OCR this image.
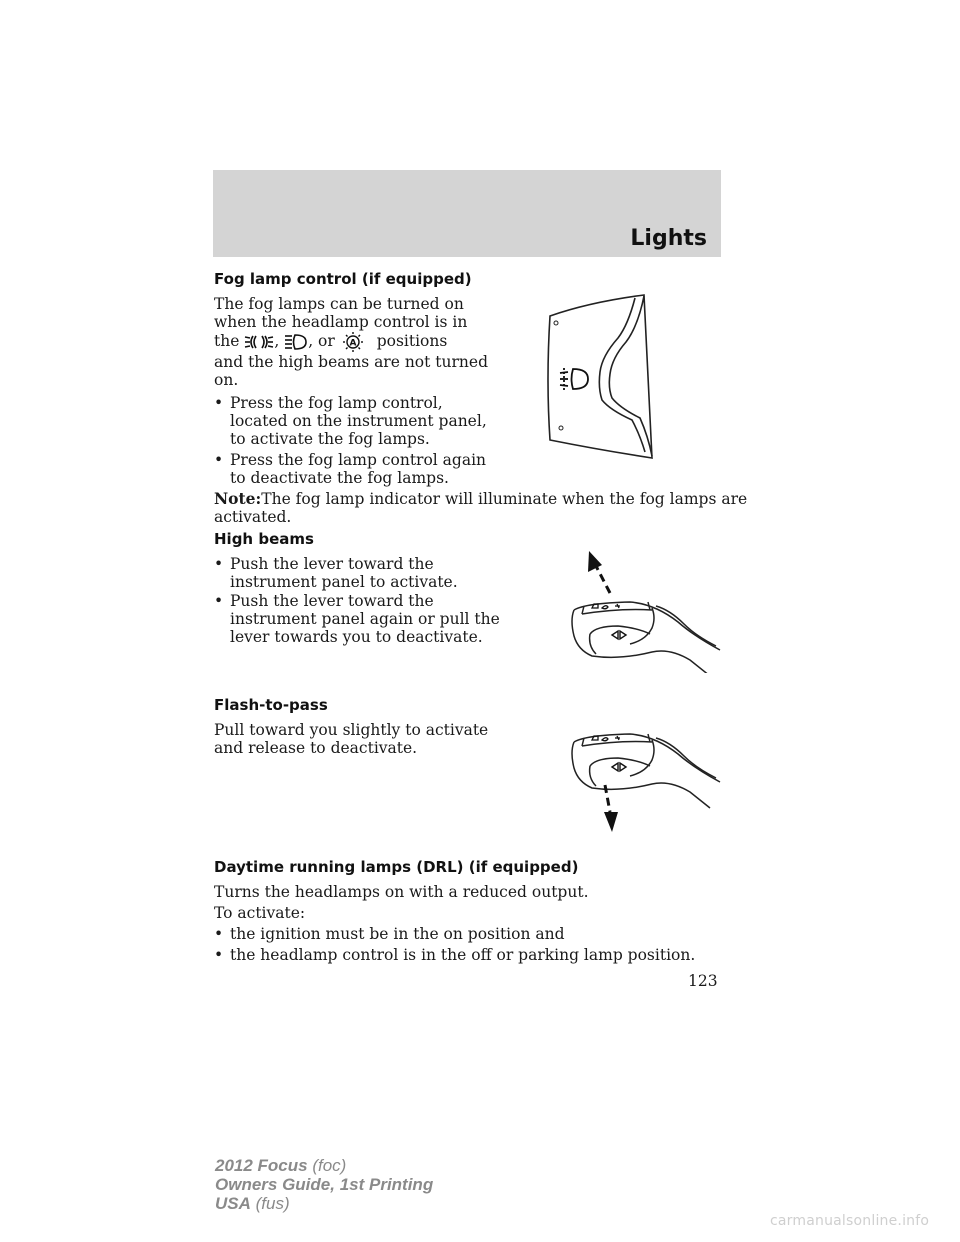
Lights
Fog lamp control (if equipped)
The fog lamps can be turned on
when the headlamp control is in
the , , or A positions
and the high beams are not turned
on.
• Press the fog lamp control,
located on the instrument panel,
to activate the fog lamps.
• Press the fog lamp control again
to deactivate the fog lamps.
Note:The fog lamp indicator will illuminate when the fog lamps are
activated.
High beams
• Push the lever toward the
instrument panel to activate.
• Push the lever toward the
instrument panel again or pull the
lever towards you to deactivate.
Flash-to-pass
Pull toward you slightly to activate
and release to deactivate.
Daytime running lamps (DRL) (if equipped)
Turns the headlamps on with a reduced output.
To activate:
• the ignition must be in the on position and
• the headlamp control is in the off or parking lamp position.
123
2012 Focus (foc)
Owners Guide, 1st Printing
USA (fus)
carmanualsonline.info
